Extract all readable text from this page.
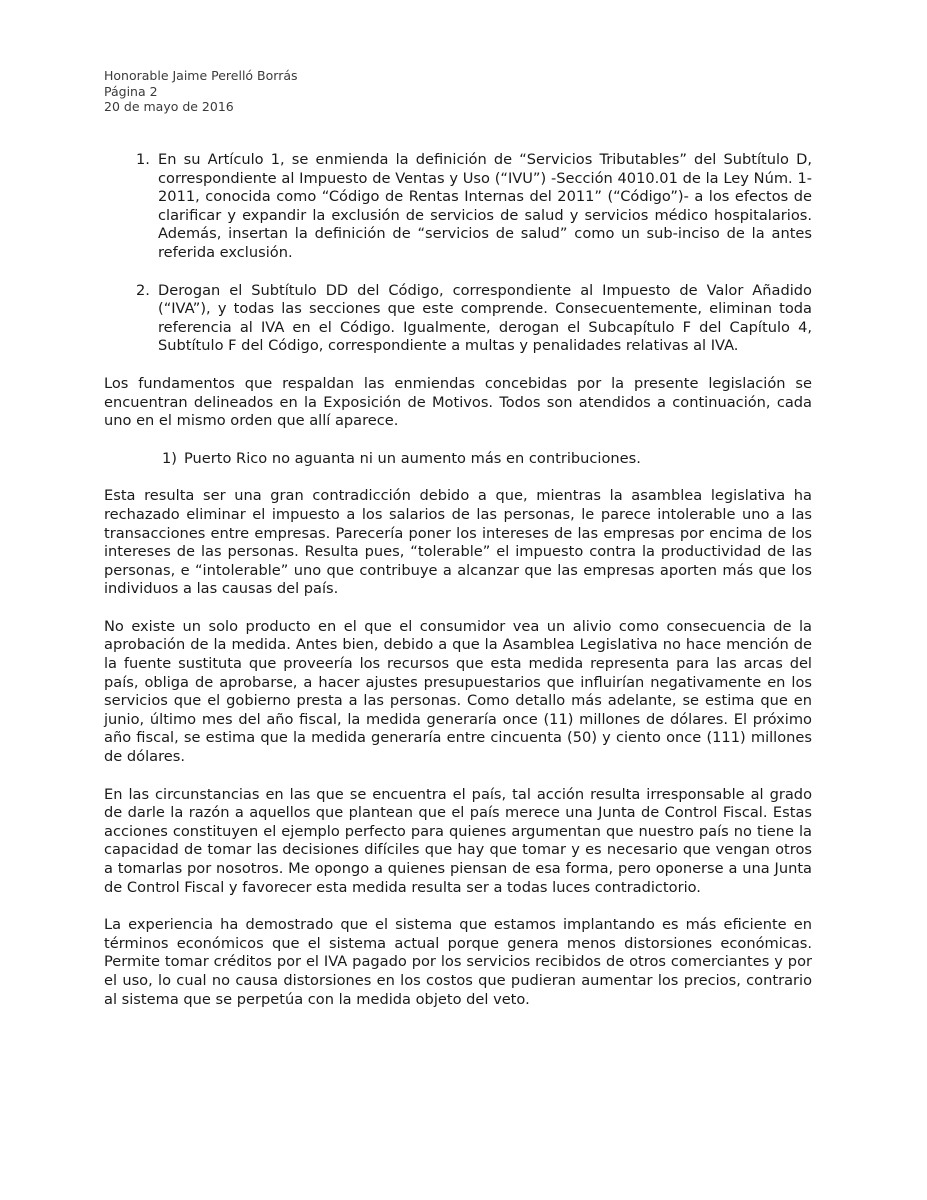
Honorable Jaime Perelló Borrás
Página 2
20 de mayo de 2016
1. En su Artículo 1, se enmienda la definición de “Servicios Tributables” del Subtítulo D, correspondiente al Impuesto de Ventas y Uso (“IVU”) -Sección 4010.01 de la Ley Núm. 1-2011, conocida como “Código de Rentas Internas del 2011” (“Código”)- a los efectos de clarificar y expandir la exclusión de servicios de salud y servicios médico hospitalarios. Además, insertan la definición de “servicios de salud” como un sub-inciso de la antes referida exclusión.
2. Derogan el Subtítulo DD del Código, correspondiente al Impuesto de Valor Añadido (“IVA”), y todas las secciones que este comprende. Consecuentemente, eliminan toda referencia al IVA en el Código. Igualmente, derogan el Subcapítulo F del Capítulo 4, Subtítulo F del Código, correspondiente a multas y penalidades relativas al IVA.

Los fundamentos que respaldan las enmiendas concebidas por la presente legislación se encuentran delineados en la Exposición de Motivos. Todos son atendidos a continuación, cada uno en el mismo orden que allí aparece.

1) Puerto Rico no aguanta ni un aumento más en contribuciones.

Esta resulta ser una gran contradicción debido a que, mientras la asamblea legislativa ha rechazado eliminar el impuesto a los salarios de las personas, le parece intolerable uno a las transacciones entre empresas. Parecería poner los intereses de las empresas por encima de los intereses de las personas. Resulta pues, “tolerable” el impuesto contra la productividad de las personas, e “intolerable” uno que contribuye a alcanzar que las empresas aporten más que los individuos a las causas del país.

No existe un solo producto en el que el consumidor vea un alivio como consecuencia de la aprobación de la medida. Antes bien, debido a que la Asamblea Legislativa no hace mención de la fuente sustituta que proveería los recursos que esta medida representa para las arcas del país, obliga de aprobarse, a hacer ajustes presupuestarios que influirían negativamente en los servicios que el gobierno presta a las personas. Como detallo más adelante, se estima que en junio, último mes del año fiscal, la medida generaría once (11) millones de dólares. El próximo año fiscal, se estima que la medida generaría entre cincuenta (50) y ciento once (111) millones de dólares.

En las circunstancias en las que se encuentra el país, tal acción resulta irresponsable al grado de darle la razón a aquellos que plantean que el país merece una Junta de Control Fiscal. Estas acciones constituyen el ejemplo perfecto para quienes argumentan que nuestro país no tiene la capacidad de tomar las decisiones difíciles que hay que tomar y es necesario que vengan otros a tomarlas por nosotros. Me opongo a quienes piensan de esa forma, pero oponerse a una Junta de Control Fiscal y favorecer esta medida resulta ser a todas luces contradictorio.

La experiencia ha demostrado que el sistema que estamos implantando es más eficiente en términos económicos que el sistema actual porque genera menos distorsiones económicas. Permite tomar créditos por el IVA pagado por los servicios recibidos de otros comerciantes y por el uso, lo cual no causa distorsiones en los costos que pudieran aumentar los precios, contrario al sistema que se perpetúa con la medida objeto del veto.
